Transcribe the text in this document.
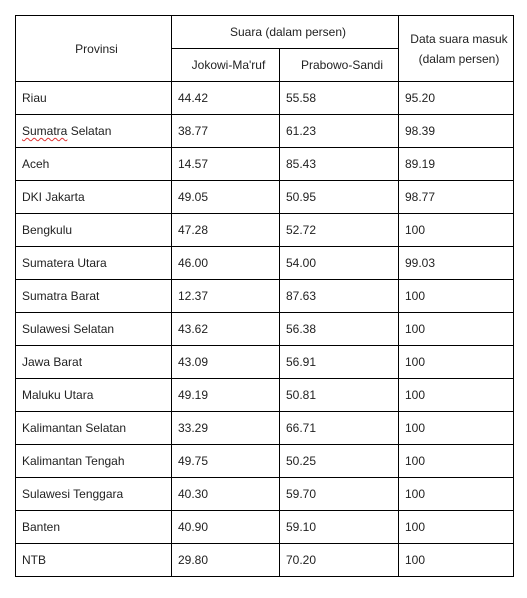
Provinsi	Suara (dalam persen)		Data suara masuk
(dalam persen)
	Jokowi-Ma'ruf	Prabowo-Sandi	
Riau	44.42	55.58	95.20
Sumatra Selatan	38.77	61.23	98.39
Aceh	14.57	85.43	89.19
DKI Jakarta	49.05	50.95	98.77
Bengkulu	47.28	52.72	100
Sumatera Utara	46.00	54.00	99.03
Sumatra Barat	12.37	87.63	100
Sulawesi Selatan	43.62	56.38	100
Jawa Barat	43.09	56.91	100
Maluku Utara	49.19	50.81	100
Kalimantan Selatan	33.29	66.71	100
Kalimantan Tengah	49.75	50.25	100
Sulawesi Tenggara	40.30	59.70	100
Banten	40.90	59.10	100
NTB	29.80	70.20	100
